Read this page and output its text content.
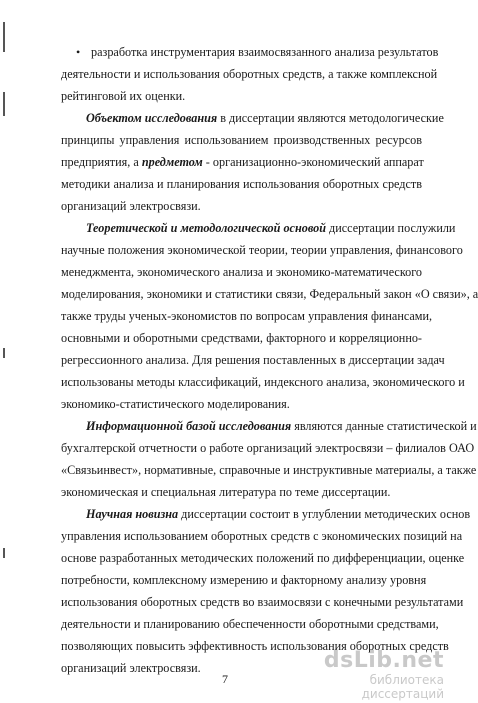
• разработка инструментария взаимосвязанного анализа результатов
деятельности и использования оборотных средств, а также комплексной
рейтинговой их оценки.
Объектом исследования в диссертации являются методологические
принципы управления использованием производственных ресурсов
предприятия, а предметом - организационно-экономический аппарат
методики анализа и планирования использования оборотных средств
организаций электросвязи.
Теоретической и методологической основой диссертации послужили
научные положения экономической теории, теории управления, финансового
менеджмента, экономического анализа и экономико-математического
моделирования, экономики и статистики связи, Федеральный закон «О связи», а
также труды ученых-экономистов по вопросам управления финансами,
основными и оборотными средствами, факторного и корреляционно-
регрессионного анализа. Для решения поставленных в диссертации задач
использованы методы классификаций, индексного анализа, экономического и
экономико-статистического моделирования.
Информационной базой исследования являются данные статистической и
бухгалтерской отчетности о работе организаций электросвязи – филиалов ОАО
«Связьинвест», нормативные, справочные и инструктивные материалы, а также
экономическая и специальная литература по теме диссертации.
Научная новизна диссертации состоит в углублении методических основ
управления использованием оборотных средств с экономических позиций на
основе разработанных методических положений по дифференциации, оценке
потребности, комплексному измерению и факторному анализу уровня
использования оборотных средств во взаимосвязи с конечными результатами
деятельности и планированию обеспеченности оборотными средствами,
позволяющих повысить эффективность использования оборотных средств
организаций электросвязи.
7
dsLib.net
библиотека диссертаций
